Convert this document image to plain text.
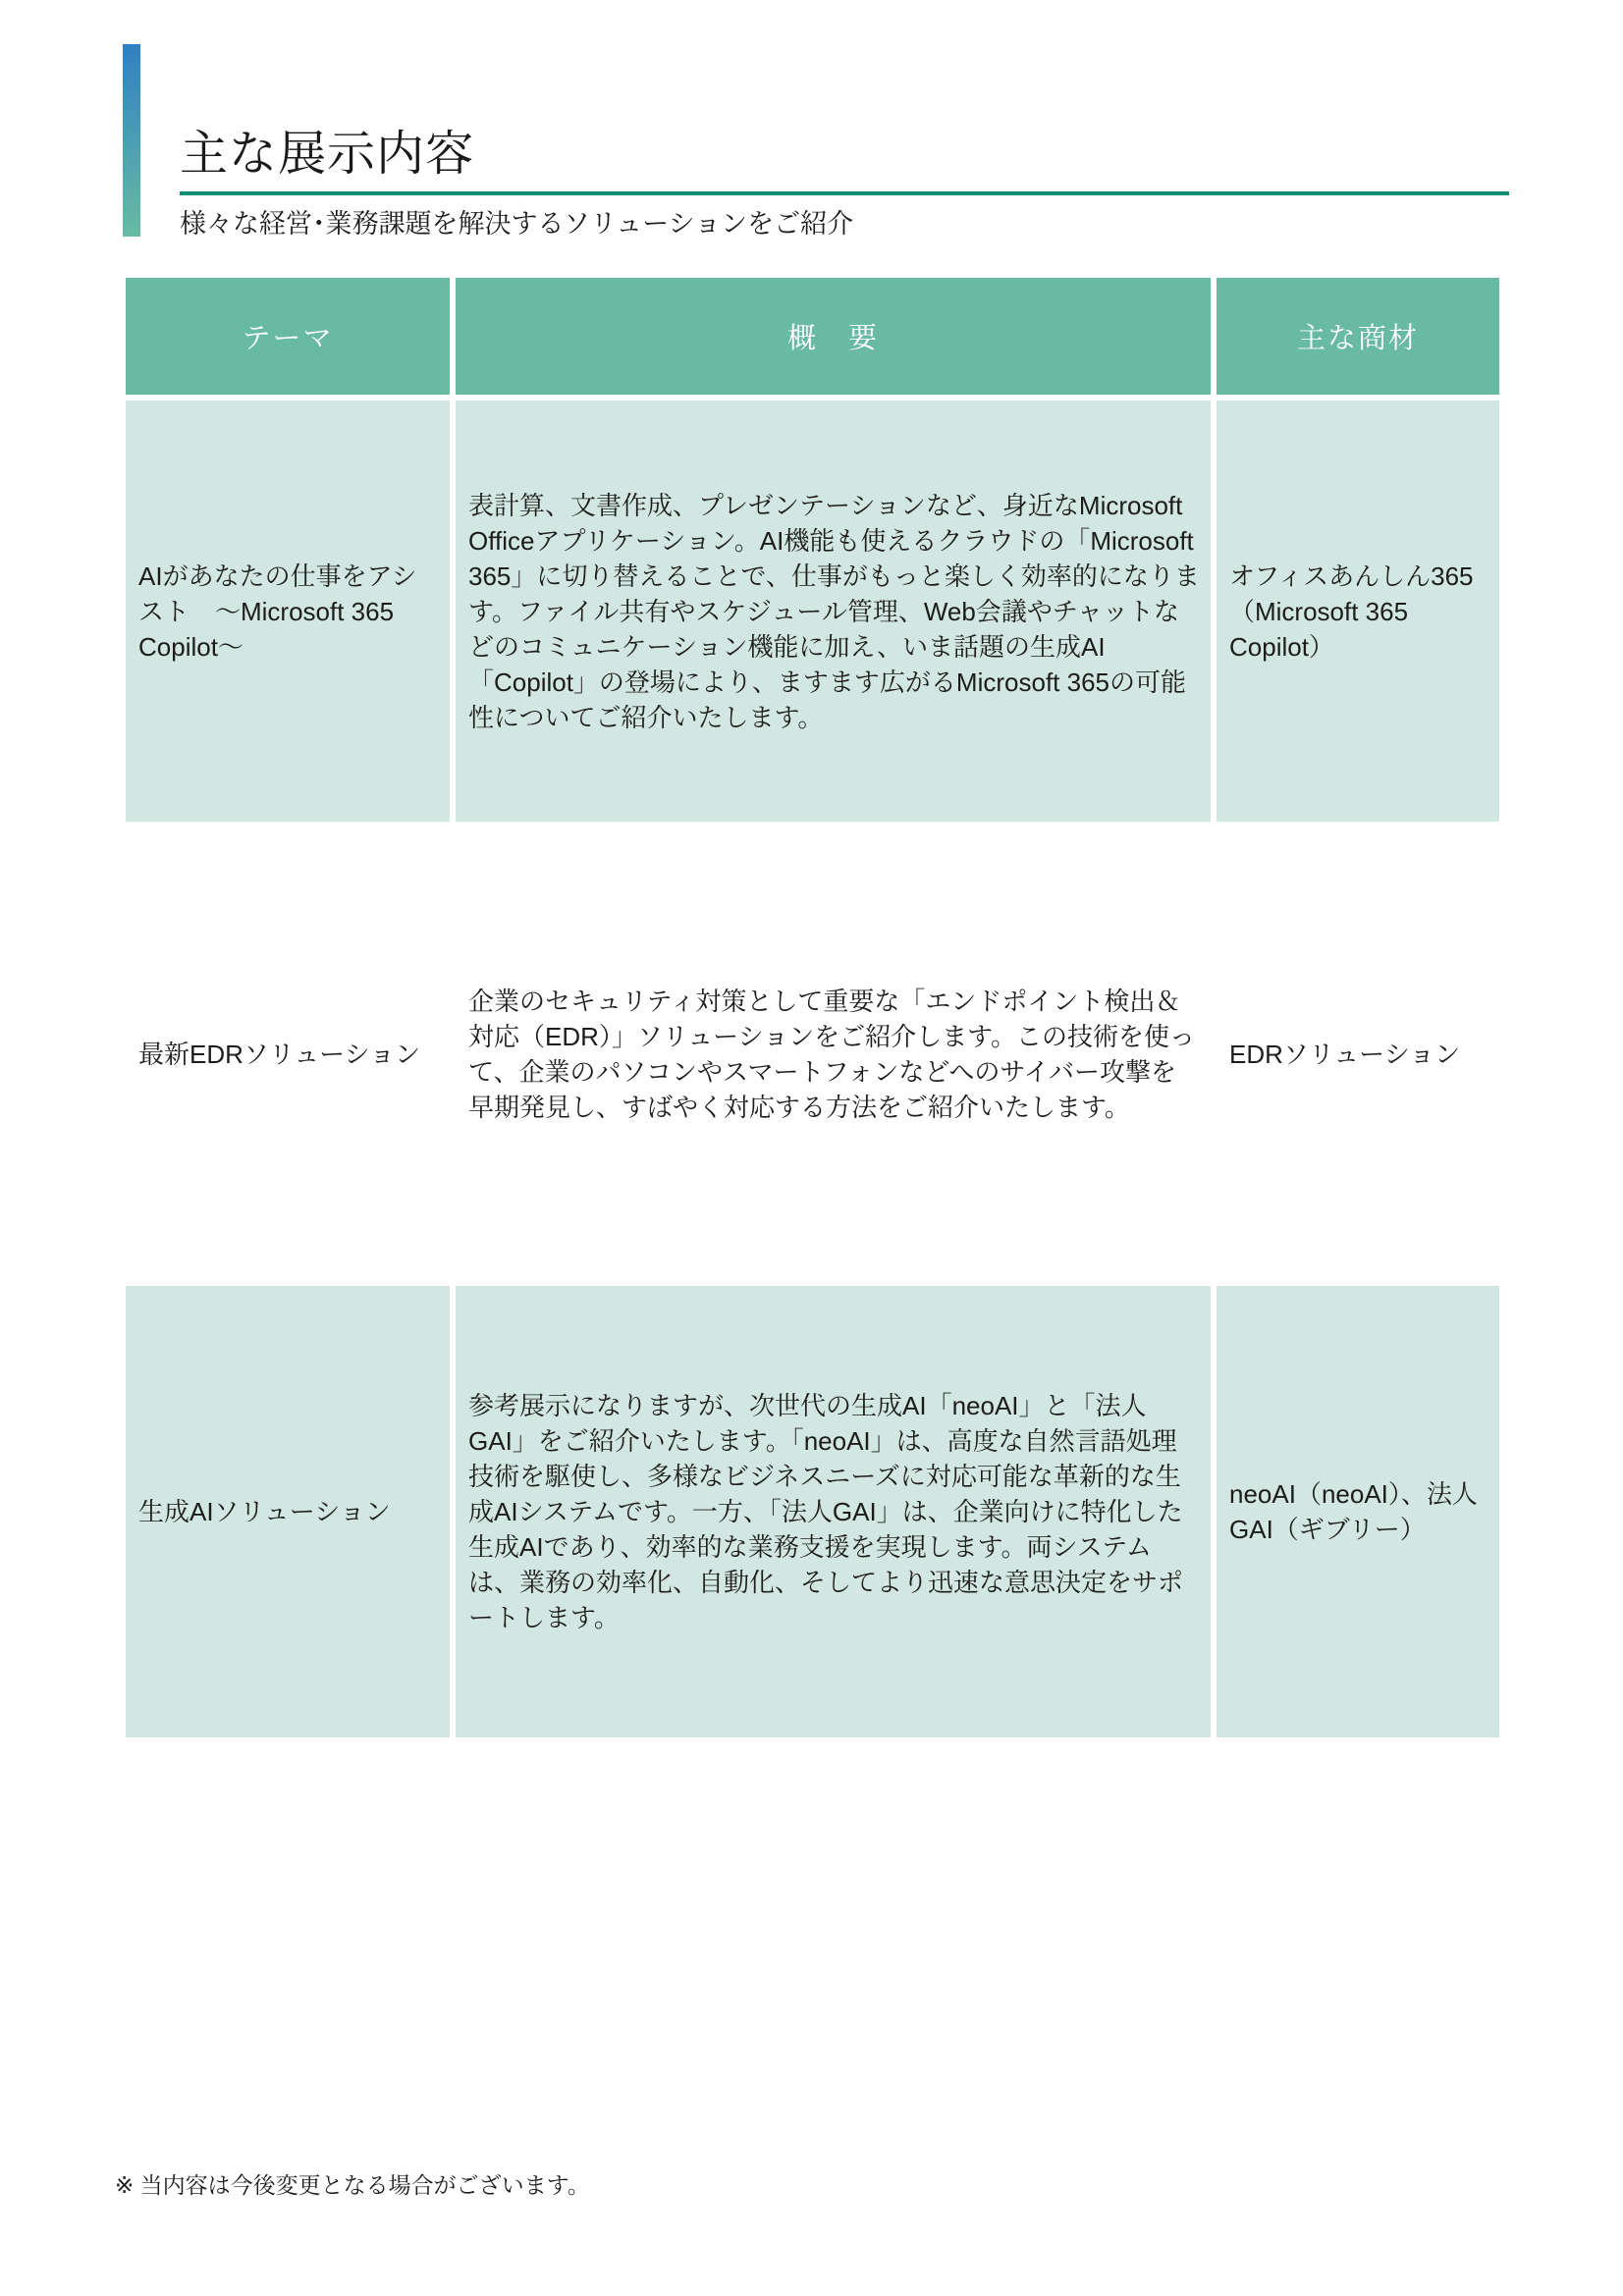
主な展示内容

様々な経営･業務課題を解決するソリューションをご紹介

テーマ	概　要	主な商材
AIがあなたの仕事をアシスト　～Microsoft 365 Copilot～	表計算、文書作成、プレゼンテーションなど、身近なMicrosoft Officeアプリケーション。AI機能も使えるクラウドの「Microsoft 365」に切り替えることで、仕事がもっと楽しく効率的になります。ファイル共有やスケジュール管理、Web会議やチャットなどのコミュニケーション機能に加え、いま話題の生成AI「Copilot」の登場により、ますます広がるMicrosoft 365の可能性についてご紹介いたします。	オフィスあんしん365（Microsoft 365 Copilot）
最新EDRソリューション	企業のセキュリティ対策として重要な「エンドポイント検出＆対応（EDR）」ソリューションをご紹介します。この技術を使って、企業のパソコンやスマートフォンなどへのサイバー攻撃を早期発見し、すばやく対応する方法をご紹介いたします。	EDRソリューション
生成AIソリューション	参考展示になりますが、次世代の生成AI「neoAI」と「法人GAI」をご紹介いたします。「neoAI」は、高度な自然言語処理技術を駆使し、多様なビジネスニーズに対応可能な革新的な生成AIシステムです。一方、「法人GAI」は、企業向けに特化した生成AIであり、効率的な業務支援を実現します。両システムは、業務の効率化、自動化、そしてより迅速な意思決定をサポートします。	neoAI（neoAI）、法人GAI（ギブリー）

※ 当内容は今後変更となる場合がございます。
